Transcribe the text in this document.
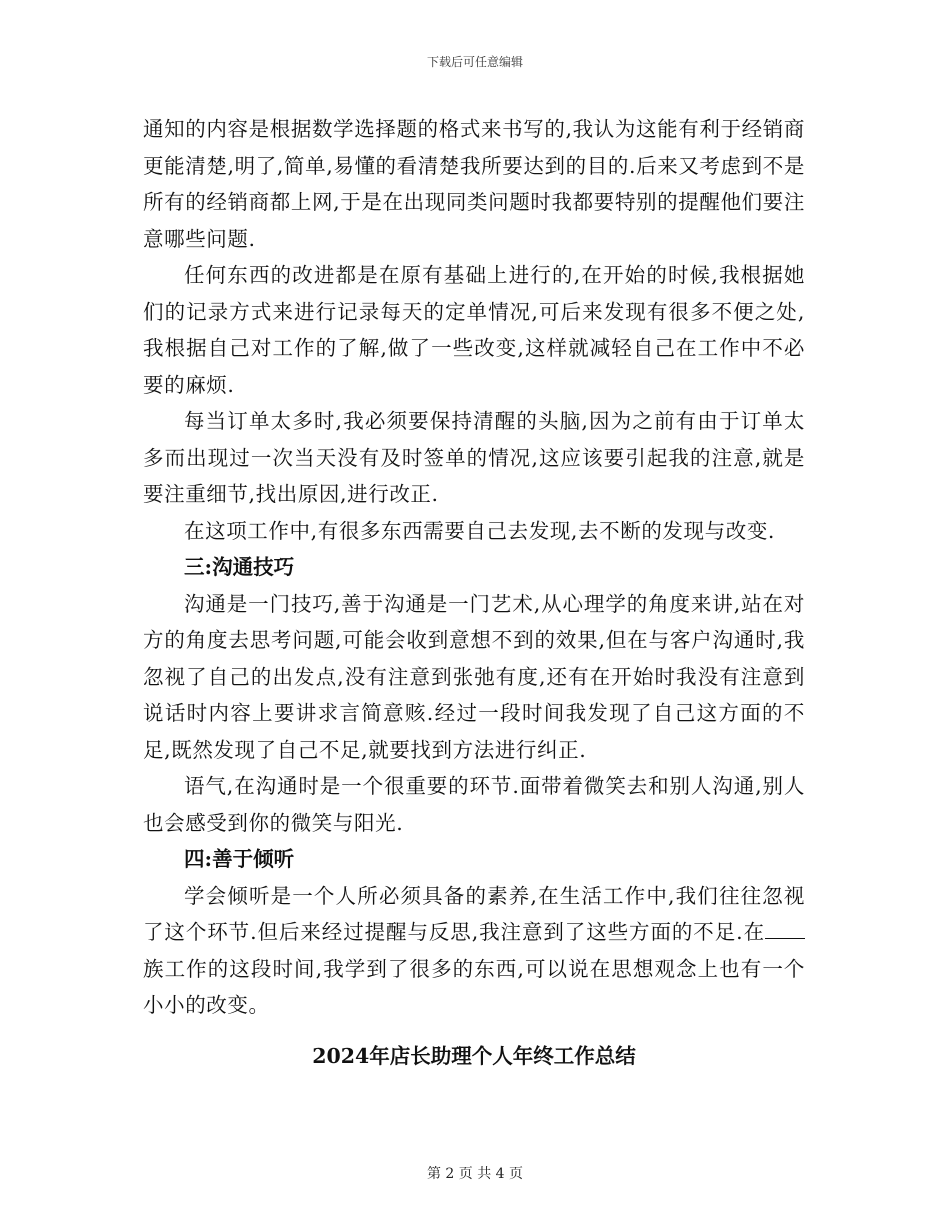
下载后可任意编辑

通知的内容是根据数学选择题的格式来书写的,我认为这能有利于经销商更能清楚,明了,简单,易懂的看清楚我所要达到的目的.后来又考虑到不是所有的经销商都上网,于是在出现同类问题时我都要特别的提醒他们要注意哪些问题.

任何东西的改进都是在原有基础上进行的,在开始的时候,我根据她们的记录方式来进行记录每天的定单情况,可后来发现有很多不便之处,我根据自己对工作的了解,做了一些改变,这样就减轻自己在工作中不必要的麻烦.

每当订单太多时,我必须要保持清醒的头脑,因为之前有由于订单太多而出现过一次当天没有及时签单的情况,这应该要引起我的注意,就是要注重细节,找出原因,进行改正.

在这项工作中,有很多东西需要自己去发现,去不断的发现与改变.

三:沟通技巧

沟通是一门技巧,善于沟通是一门艺术,从心理学的角度来讲,站在对方的角度去思考问题,可能会收到意想不到的效果,但在与客户沟通时,我忽视了自己的出发点,没有注意到张弛有度,还有在开始时我没有注意到说话时内容上要讲求言简意赅.经过一段时间我发现了自己这方面的不足,既然发现了自己不足,就要找到方法进行纠正.

语气,在沟通时是一个很重要的环节.面带着微笑去和别人沟通,别人也会感受到你的微笑与阳光.

四:善于倾听

学会倾听是一个人所必须具备的素养,在生活工作中,我们往往忽视了这个环节.但后来经过提醒与反思,我注意到了这些方面的不足.在族工作的这段时间,我学到了很多的东西,可以说在思想观念上也有一个小小的改变。

2024年店长助理个人年终工作总结

第 2 页 共 4 页
